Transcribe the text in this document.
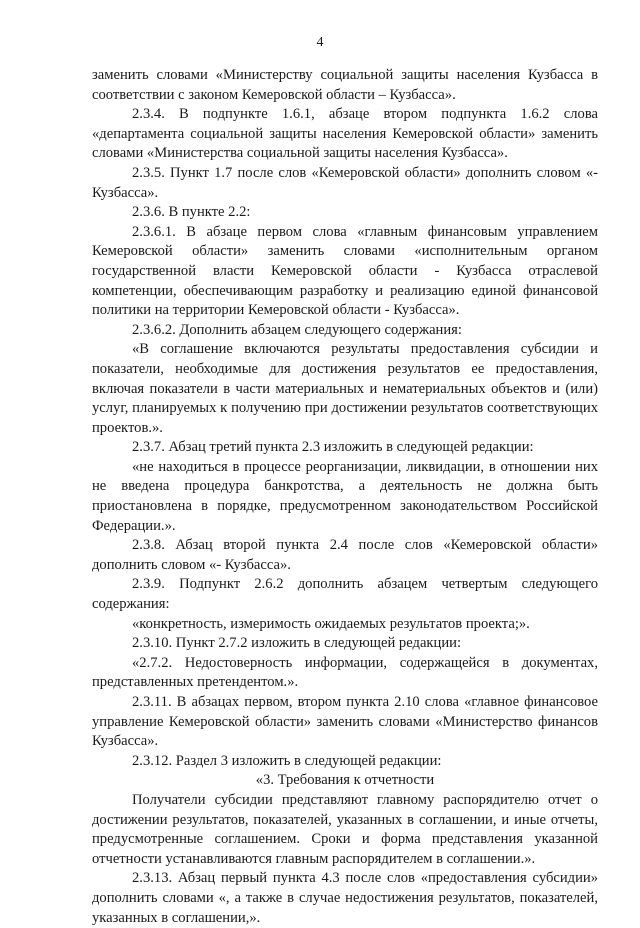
4

заменить словами «Министерству социальной защиты населения Кузбасса в соответствии с законом Кемеровской области – Кузбасса».

2.3.4. В подпункте 1.6.1, абзаце втором подпункта 1.6.2 слова «департамента социальной защиты населения Кемеровской области» заменить словами «Министерства социальной защиты населения Кузбасса».

2.3.5. Пункт 1.7 после слов «Кемеровской области» дополнить словом «- Кузбасса».

2.3.6. В пункте 2.2:

2.3.6.1. В абзаце первом слова «главным финансовым управлением Кемеровской области» заменить словами «исполнительным органом государственной власти Кемеровской области - Кузбасса отраслевой компетенции, обеспечивающим разработку и реализацию единой финансовой политики на территории Кемеровской области - Кузбасса».

2.3.6.2. Дополнить абзацем следующего содержания:

«В соглашение включаются результаты предоставления субсидии и показатели, необходимые для достижения результатов ее предоставления, включая показатели в части материальных и нематериальных объектов и (или) услуг, планируемых к получению при достижении результатов соответствующих проектов.».

2.3.7. Абзац третий пункта 2.3 изложить в следующей редакции:

«не находиться в процессе реорганизации, ликвидации, в отношении них не введена процедура банкротства, а деятельность не должна быть приостановлена в порядке, предусмотренном законодательством Российской Федерации.».

2.3.8. Абзац второй пункта 2.4 после слов «Кемеровской области» дополнить словом «- Кузбасса».

2.3.9. Подпункт 2.6.2 дополнить абзацем четвертым следующего содержания:

«конкретность, измеримость ожидаемых результатов проекта;».

2.3.10. Пункт 2.7.2 изложить в следующей редакции:

«2.7.2. Недостоверность информации, содержащейся в документах, представленных претендентом.».

2.3.11. В абзацах первом, втором пункта 2.10 слова «главное финансовое управление Кемеровской области» заменить словами «Министерство финансов Кузбасса».

2.3.12. Раздел 3 изложить в следующей редакции:

«3. Требования к отчетности

Получатели субсидии представляют главному распорядителю отчет о достижении результатов, показателей, указанных в соглашении, и иные отчеты, предусмотренные соглашением. Сроки и форма представления указанной отчетности устанавливаются главным распорядителем в соглашении.».

2.3.13. Абзац первый пункта 4.3 после слов «предоставления субсидии» дополнить словами «, а также в случае недостижения результатов, показателей, указанных в соглашении,».
